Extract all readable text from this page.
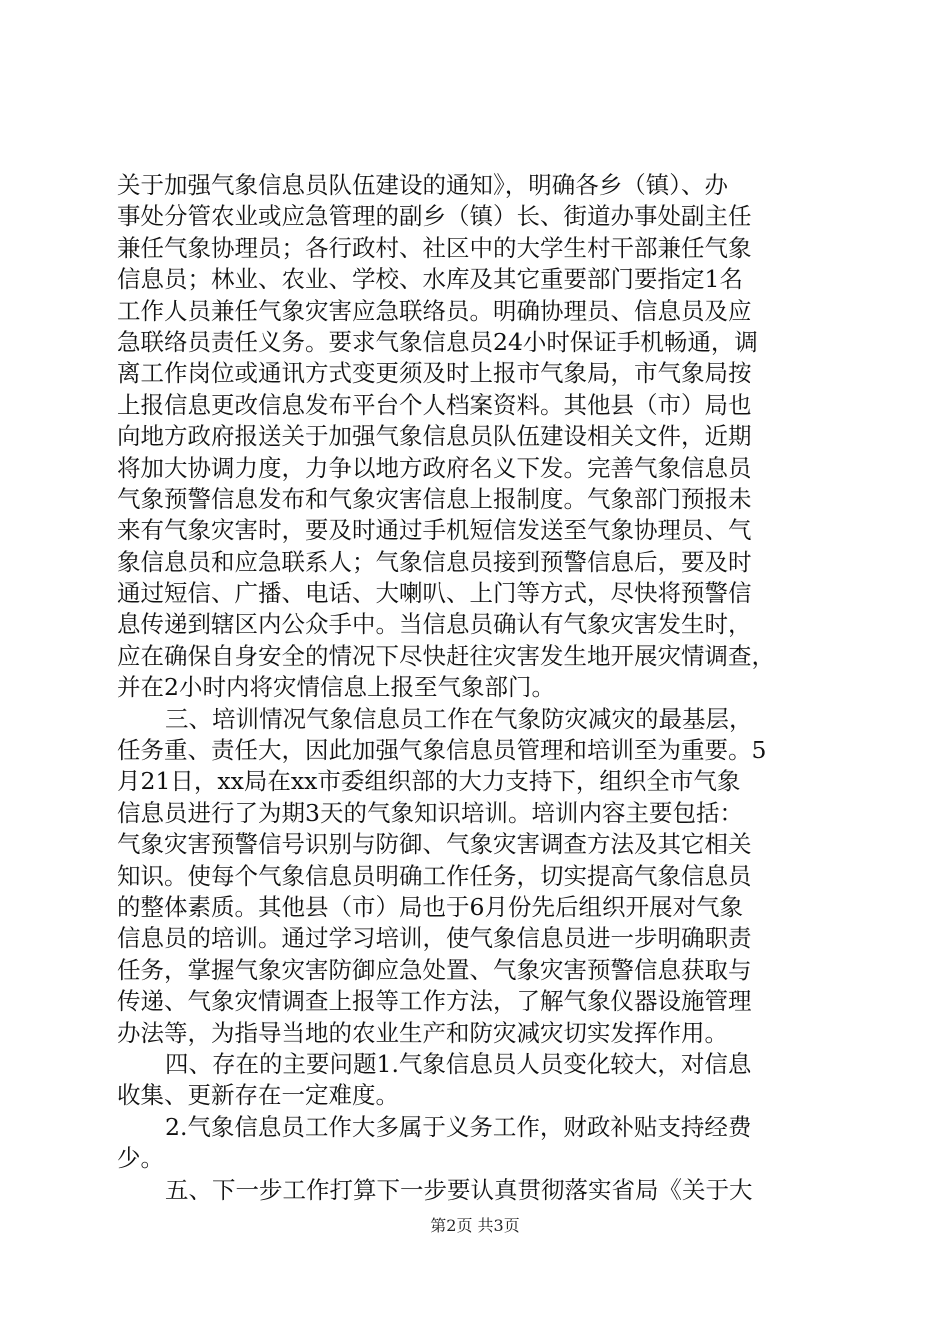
关于加强气象信息员队伍建设的通知》，明确各乡（镇）、办
事处分管农业或应急管理的副乡（镇）长、街道办事处副主任
兼任气象协理员；各行政村、社区中的大学生村干部兼任气象
信息员；林业、农业、学校、水库及其它重要部门要指定1名
工作人员兼任气象灾害应急联络员。明确协理员、信息员及应
急联络员责任义务。要求气象信息员24小时保证手机畅通，调
离工作岗位或通讯方式变更须及时上报市气象局，市气象局按
上报信息更改信息发布平台个人档案资料。其他县（市）局也
向地方政府报送关于加强气象信息员队伍建设相关文件，近期
将加大协调力度，力争以地方政府名义下发。完善气象信息员
气象预警信息发布和气象灾害信息上报制度。气象部门预报未
来有气象灾害时，要及时通过手机短信发送至气象协理员、气
象信息员和应急联系人；气象信息员接到预警信息后，要及时
通过短信、广播、电话、大喇叭、上门等方式，尽快将预警信
息传递到辖区内公众手中。当信息员确认有气象灾害发生时，
应在确保自身安全的情况下尽快赶往灾害发生地开展灾情调查，
并在2小时内将灾情信息上报至气象部门。
三、培训情况气象信息员工作在气象防灾减灾的最基层，
任务重、责任大，因此加强气象信息员管理和培训至为重要。5
月21日，xx局在xx市委组织部的大力支持下，组织全市气象
信息员进行了为期3天的气象知识培训。培训内容主要包括：
气象灾害预警信号识别与防御、气象灾害调查方法及其它相关
知识。使每个气象信息员明确工作任务，切实提高气象信息员
的整体素质。其他县（市）局也于6月份先后组织开展对气象
信息员的培训。通过学习培训，使气象信息员进一步明确职责
任务，掌握气象灾害防御应急处置、气象灾害预警信息获取与
传递、气象灾情调查上报等工作方法，了解气象仪器设施管理
办法等，为指导当地的农业生产和防灾减灾切实发挥作用。
四、存在的主要问题1.气象信息员人员变化较大，对信息
收集、更新存在一定难度。
2.气象信息员工作大多属于义务工作，财政补贴支持经费
少。
五、下一步工作打算下一步要认真贯彻落实省局《关于大
第2页 共3页
